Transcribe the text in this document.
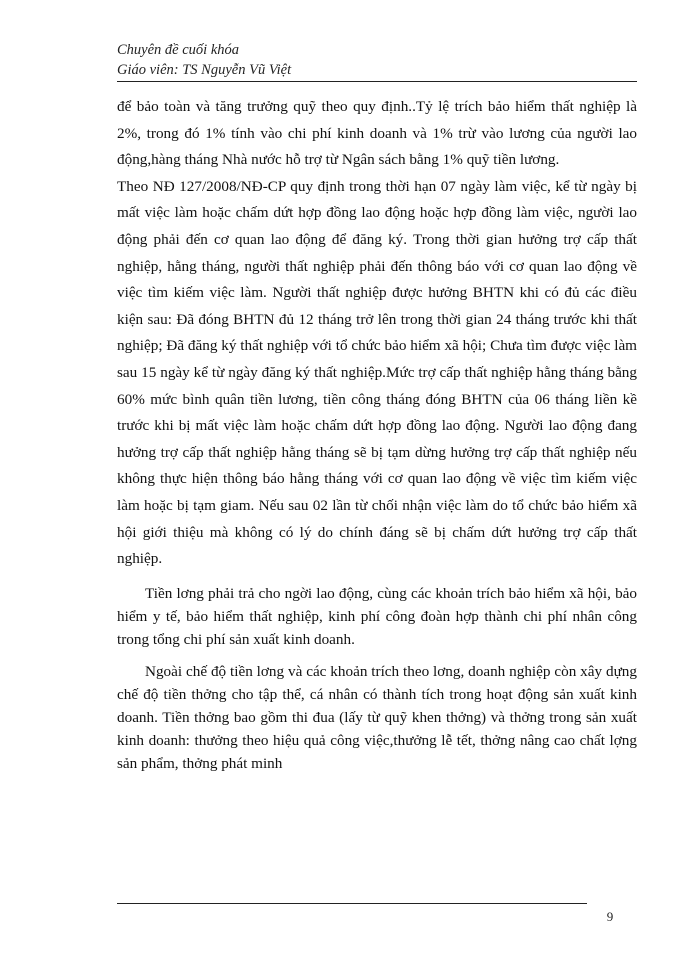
Chuyên đề cuối khóa
Giáo viên: TS Nguyễn Vũ Việt

để bảo toàn và tăng trưởng quỹ theo quy định..Tỷ lệ trích bảo hiểm thất nghiệp là 2%, trong đó 1% tính vào chi phí kinh doanh và 1% trừ vào lương của người lao động,hàng tháng Nhà nước hỗ trợ từ Ngân sách bằng 1% quỹ tiền lương.

Theo NĐ 127/2008/NĐ-CP quy định trong thời hạn 07 ngày làm việc, kể từ ngày bị mất việc làm hoặc chấm dứt hợp đồng lao động hoặc hợp đồng làm việc, người lao động phải đến cơ quan lao động để đăng ký. Trong thời gian hưởng trợ cấp thất nghiệp, hằng tháng, người thất nghiệp phải đến thông báo với cơ quan lao động về việc tìm kiếm việc làm. Người thất nghiệp được hưởng BHTN khi có đủ các điều kiện sau: Đã đóng BHTN đủ 12 tháng trở lên trong thời gian 24 tháng trước khi thất nghiệp; Đã đăng ký thất nghiệp với tổ chức bảo hiểm xã hội; Chưa tìm được việc làm sau 15 ngày kể từ ngày đăng ký thất nghiệp.Mức trợ cấp thất nghiệp hằng tháng bằng 60% mức bình quân tiền lương, tiền công tháng đóng BHTN của 06 tháng liền kề trước khi bị mất việc làm hoặc chấm dứt hợp đồng lao động. Người lao động đang hưởng trợ cấp thất nghiệp hằng tháng sẽ bị tạm dừng hưởng trợ cấp thất nghiệp nếu không thực hiện thông báo hằng tháng với cơ quan lao động về việc tìm kiếm việc làm hoặc bị tạm giam. Nếu sau 02 lần từ chối nhận việc làm do tổ chức bảo hiểm xã hội giới thiệu mà không có lý do chính đáng sẽ bị chấm dứt hưởng trợ cấp thất nghiệp.

Tiền lơng phải trả cho ngời lao động, cùng các khoản trích bảo hiểm xã hội, bảo hiểm y tế, bảo hiểm thất nghiệp, kinh phí công đoàn hợp thành chi phí nhân công trong tổng chi phí sản xuất kinh doanh.

Ngoài chế độ tiền lơng và các khoản trích theo lơng, doanh nghiệp còn xây dựng chế độ tiền thởng cho tập thể, cá nhân có thành tích trong hoạt động sản xuất kinh doanh. Tiền thởng bao gồm thi đua (lấy từ quỹ khen thởng) và thởng trong sản xuất kinh doanh: thưởng theo hiệu quả công việc,thưởng lễ tết, thởng nâng cao chất lợng sản phẩm, thởng phát minh

9
